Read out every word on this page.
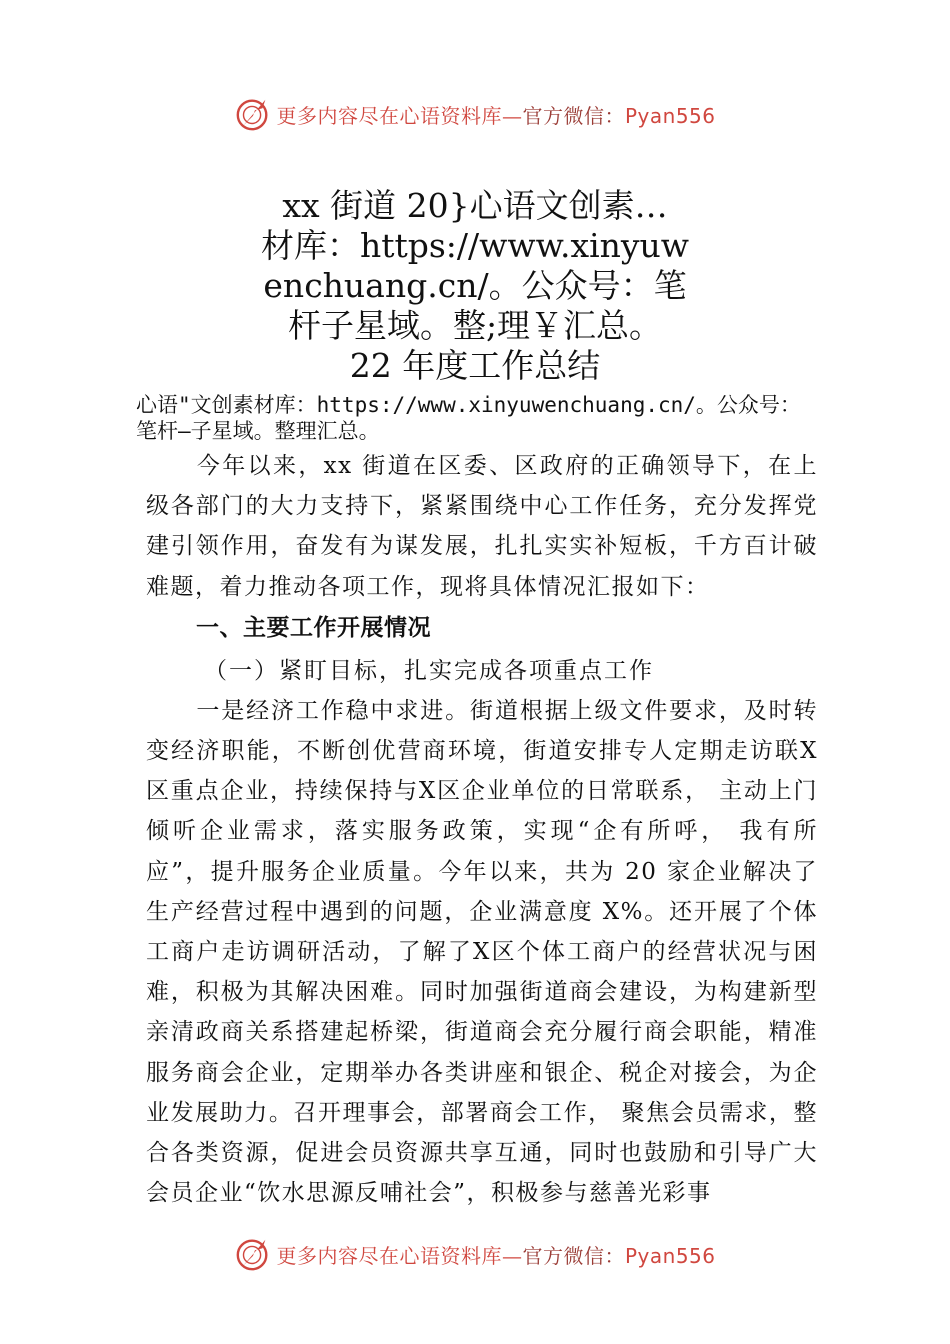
更多内容尽在心语资料库—官方微信：Pyan556
xx 街道 20}心语文创素…
材库：https://www.xinyuw
enchuang.cn/。公众号：笔
杆子星域。整;理￥汇总。
22 年度工作总结
心语"文创素材库：https://www.xinyuwenchuang.cn/。公众号：
笔杆—子星域。整理汇总。
今年以来，xx 街道在区委、区政府的正确领导下，在上级各部门的大力支持下，紧紧围绕中心工作任务，充分发挥党建引领作用，奋发有为谋发展，扎扎实实补短板，千方百计破难题，着力推动各项工作，现将具体情况汇报如下：
一、主要工作开展情况
（一）紧盯目标，扎实完成各项重点工作
一是经济工作稳中求进。街道根据上级文件要求，及时转变经济职能，不断创优营商环境，街道安排专人定期走访联X区重点企业，持续保持与X区企业单位的日常联系， 主动上门倾听企业需求，落实服务政策，实现“企有所呼， 我有所应”，提升服务企业质量。今年以来，共为 20 家企业解决了生产经营过程中遇到的问题，企业满意度 X%。还开展了个体工商户走访调研活动，了解了X区个体工商户的经营状况与困难，积极为其解决困难。同时加强街道商会建设，为构建新型亲清政商关系搭建起桥梁，街道商会充分履行商会职能，精准服务商会企业，定期举办各类讲座和银企、税企对接会，为企业发展助力。召开理事会，部署商会工作， 聚焦会员需求，整合各类资源，促进会员资源共享互通，同时也鼓励和引导广大会员企业“饮水思源反哺社会”，积极参与慈善光彩事
更多内容尽在心语资料库—官方微信：Pyan556
